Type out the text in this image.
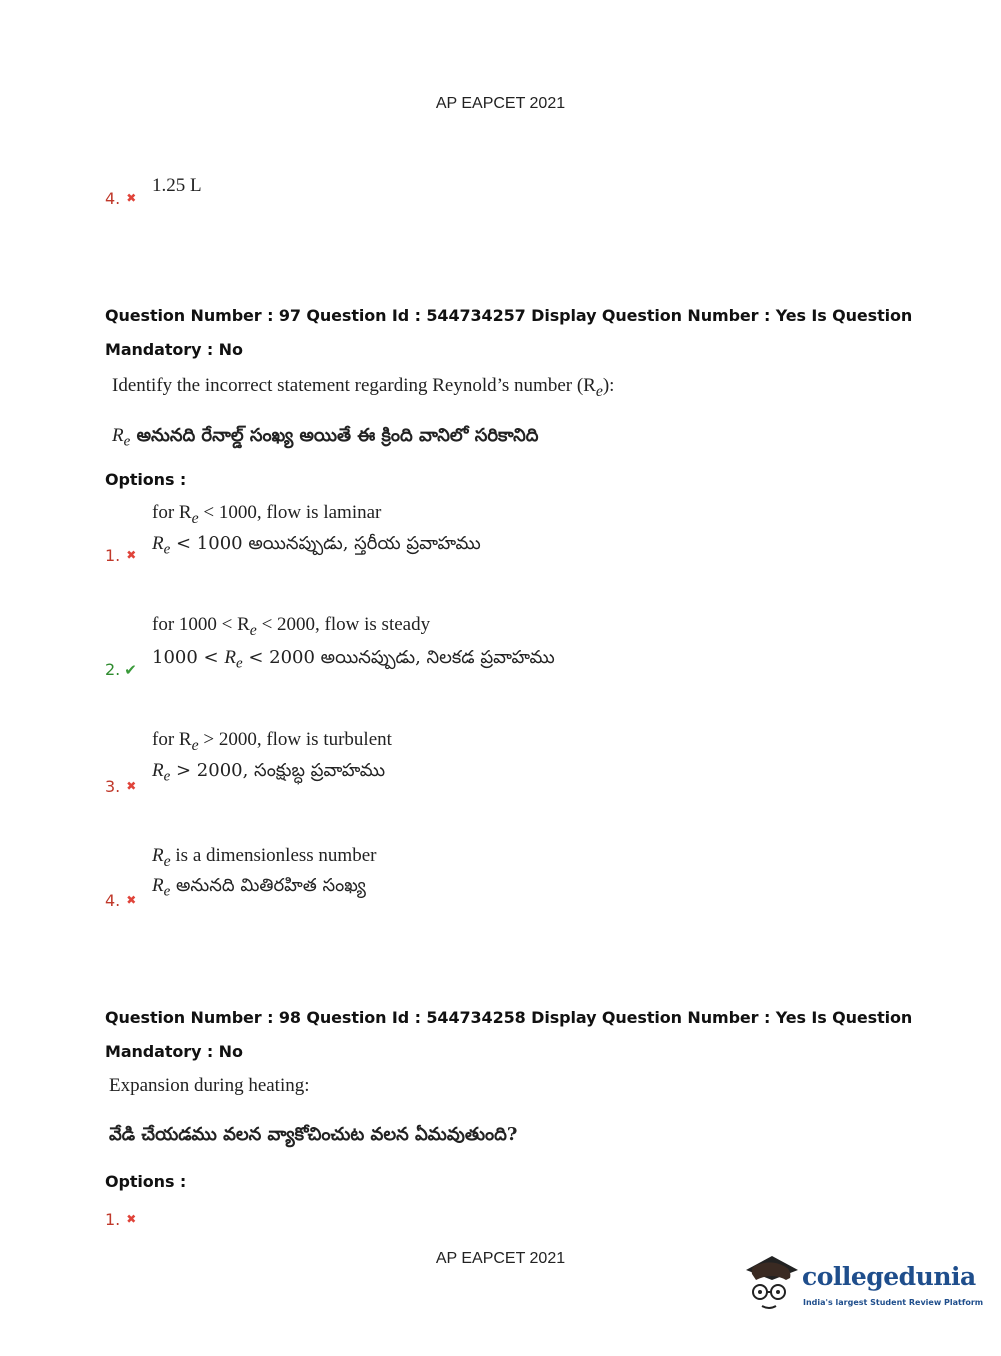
AP EAPCET 2021
4. ✖
1.25 L
Question Number : 97 Question Id : 544734257 Display Question Number : Yes Is Question
Mandatory : No
Identify the incorrect statement regarding Reynold’s number $(R_e)$:
$R_e$ అనునది రేనాల్డ్ సంఖ్య అయితే ఈ క్రింది వానిలో సరికానిది
Options :
for $R_e < 1000$, flow is laminar
$R_e < 1000$ అయినప్పుడు, స్తరీయ ప్రవాహము
1. ✖
for $1000 < R_e < 2000$, flow is steady
$1000 < R_e < 2000$ అయినప్పుడు, నిలకడ ప్రవాహము
2. ✔
for $R_e > 2000$, flow is turbulent
$R_e > 2000$, సంక్షుబ్ధ ప్రవాహము
3. ✖
$R_e$ is a dimensionless number
$R_e$ అనునది మితిరహిత సంఖ్య
4. ✖
Question Number : 98 Question Id : 544734258 Display Question Number : Yes Is Question
Mandatory : No
Expansion during heating:
వేడి చేయడము వలన వ్యాకోచించుట వలన ఏమవుతుంది?
Options :
1. ✖
AP EAPCET 2021
collegedunia
India's largest Student Review Platform
